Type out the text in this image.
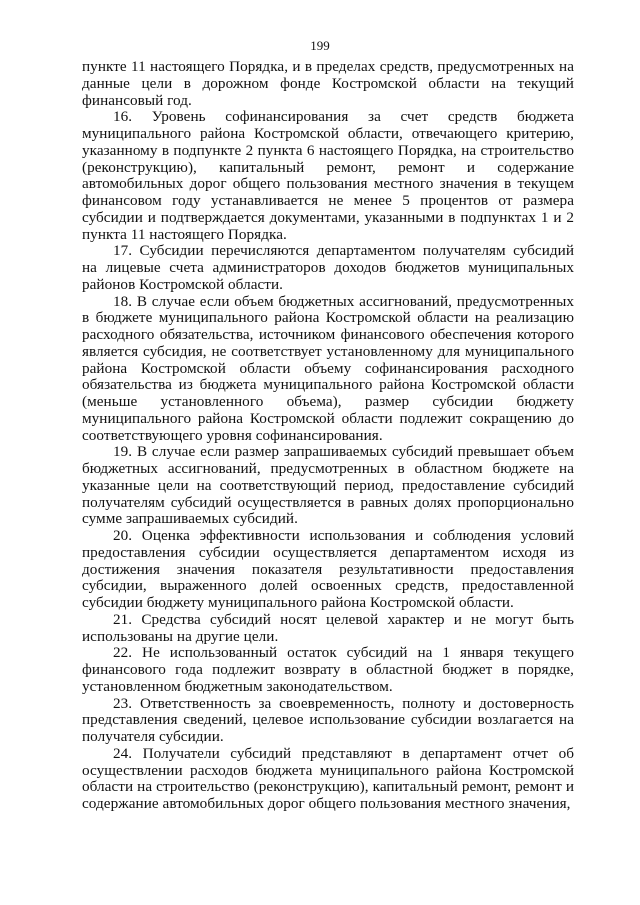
199

пункте 11 настоящего Порядка, и в пределах средств, предусмотренных на данные цели в дорожном фонде Костромской области на текущий финансовый год.

16. Уровень софинансирования за счет средств бюджета муниципального района Костромской области, отвечающего критерию, указанному в подпункте 2 пункта 6 настоящего Порядка, на строительство (реконструкцию), капитальный ремонт, ремонт и содержание автомобильных дорог общего пользования местного значения в текущем финансовом году устанавливается не менее 5 процентов от размера субсидии и подтверждается документами, указанными в подпунктах 1 и 2 пункта 11 настоящего Порядка.

17. Субсидии перечисляются департаментом получателям субсидий на лицевые счета администраторов доходов бюджетов муниципальных районов Костромской области.

18. В случае если объем бюджетных ассигнований, предусмотренных в бюджете муниципального района Костромской области на реализацию расходного обязательства, источником финансового обеспечения которого является субсидия, не соответствует установленному для муниципального района Костромской области объему софинансирования расходного обязательства из бюджета муниципального района Костромской области (меньше установленного объема), размер субсидии бюджету муниципального района Костромской области подлежит сокращению до соответствующего уровня софинансирования.

19. В случае если размер запрашиваемых субсидий превышает объем бюджетных ассигнований, предусмотренных в областном бюджете на указанные цели на соответствующий период, предоставление субсидий получателям субсидий осуществляется в равных долях пропорционально сумме запрашиваемых субсидий.

20. Оценка эффективности использования и соблюдения условий предоставления субсидии осуществляется департаментом исходя из достижения значения показателя результативности предоставления субсидии, выраженного долей освоенных средств, предоставленной субсидии бюджету муниципального района Костромской области.

21. Средства субсидий носят целевой характер и не могут быть использованы на другие цели.

22. Не использованный остаток субсидий на 1 января текущего финансового года подлежит возврату в областной бюджет в порядке, установленном бюджетным законодательством.

23. Ответственность за своевременность, полноту и достоверность представления сведений, целевое использование субсидии возлагается на получателя субсидии.

24. Получатели субсидий представляют в департамент отчет об осуществлении расходов бюджета муниципального района Костромской области на строительство (реконструкцию), капитальный ремонт, ремонт и содержание автомобильных дорог общего пользования местного значения,
